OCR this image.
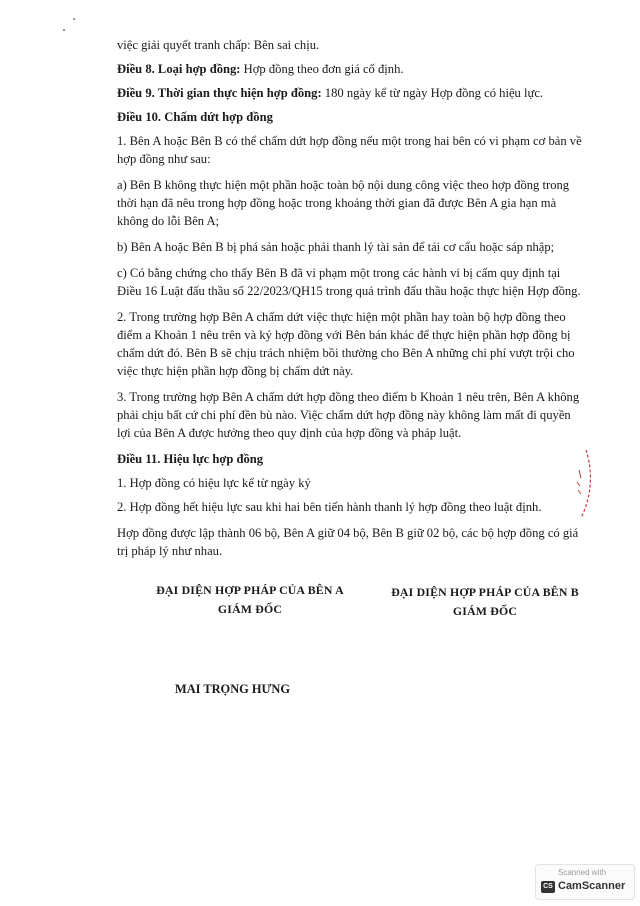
việc giải quyết tranh chấp: Bên sai chịu.

Điều 8. Loại hợp đồng: Hợp đồng theo đơn giá cố định.

Điều 9. Thời gian thực hiện hợp đồng: 180 ngày kể từ ngày Hợp đồng có hiệu lực.

Điều 10. Chấm dứt hợp đồng

1. Bên A hoặc Bên B có thể chấm dứt hợp đồng nếu một trong hai bên có vi phạm cơ bản về hợp đồng như sau:

a) Bên B không thực hiện một phần hoặc toàn bộ nội dung công việc theo hợp đồng trong thời hạn đã nêu trong hợp đồng hoặc trong khoảng thời gian đã được Bên A gia hạn mà không do lỗi Bên A;

b) Bên A hoặc Bên B bị phá sản hoặc phải thanh lý tài sản để tái cơ cấu hoặc sáp nhập;

c) Có bằng chứng cho thấy Bên B đã vi phạm một trong các hành vi bị cấm quy định tại Điều 16 Luật đấu thầu số 22/2023/QH15 trong quá trình đấu thầu hoặc thực hiện Hợp đồng.

2. Trong trường hợp Bên A chấm dứt việc thực hiện một phần hay toàn bộ hợp đồng theo điểm a Khoản 1 nêu trên và ký hợp đồng với Bên bán khác để thực hiện phần hợp đồng bị chấm dứt đó. Bên B sẽ chịu trách nhiệm bồi thường cho Bên A những chi phí vượt trội cho việc thực hiện phần hợp đồng bị chấm dứt này.

3. Trong trường hợp Bên A chấm dứt hợp đồng theo điểm b Khoản 1 nêu trên, Bên A không phải chịu bất cứ chi phí đền bù nào. Việc chấm dứt hợp đồng này không làm mất đi quyền lợi của Bên A được hưởng theo quy định của hợp đồng và pháp luật.

Điều 11. Hiệu lực hợp đồng

1. Hợp đồng có hiệu lực kể từ ngày ký

2. Hợp đồng hết hiệu lực sau khi hai bên tiến hành thanh lý hợp đồng theo luật định.

Hợp đồng được lập thành 06 bộ, Bên A giữ 04 bộ, Bên B giữ 02 bộ, các bộ hợp đồng có giá trị pháp lý như nhau.

ĐẠI DIỆN HỢP PHÁP CỦA BÊN A
GIÁM ĐỐC
ĐẠI DIỆN HỢP PHÁP CỦA BÊN B
GIÁM ĐỐC
MAI TRỌNG HƯNG
Scanned with
CS CamScanner
